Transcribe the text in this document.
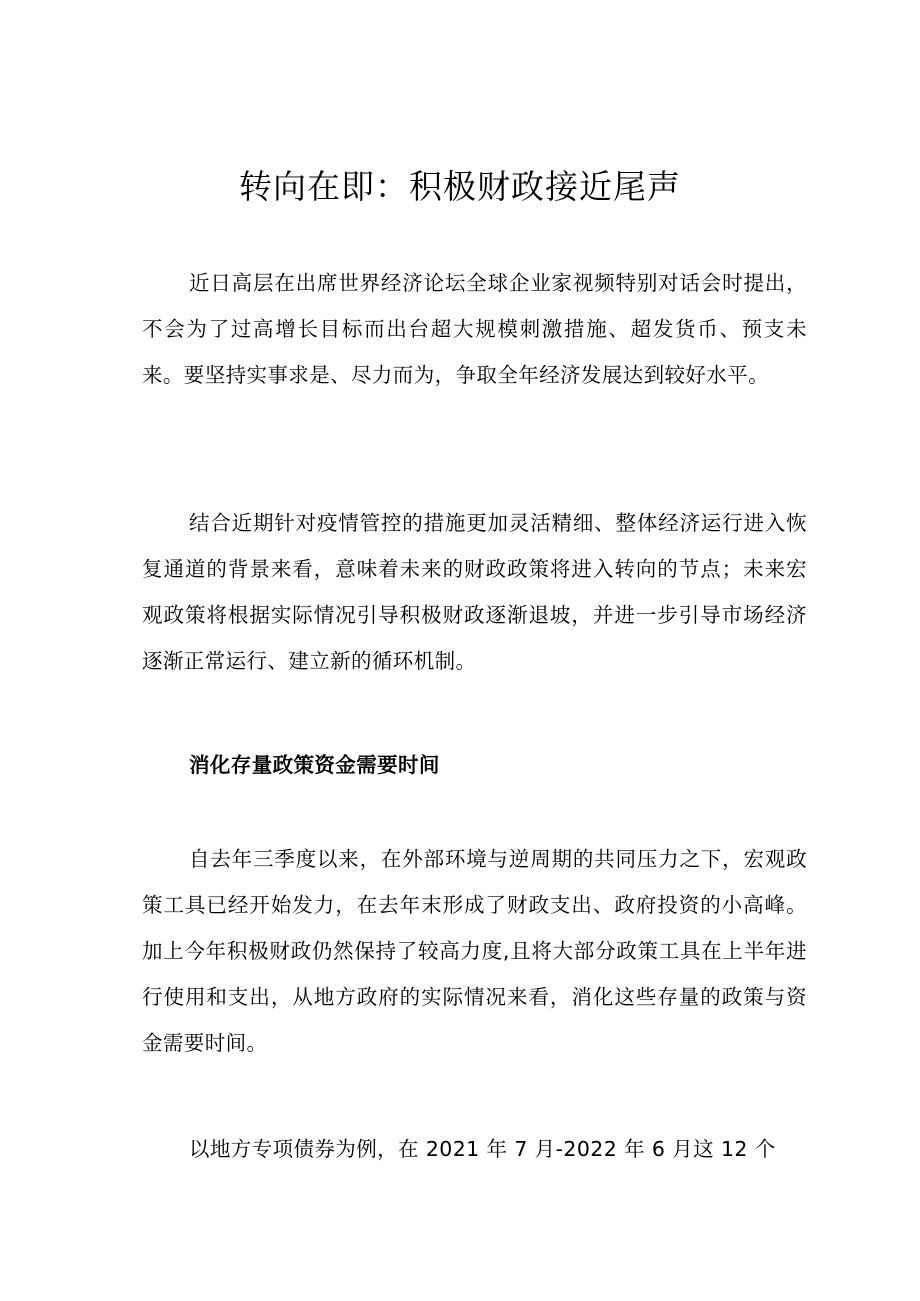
转向在即：积极财政接近尾声

近日高层在出席世界经济论坛全球企业家视频特别对话会时提出，不会为了过高增长目标而出台超大规模刺激措施、超发货币、预支未来。要坚持实事求是、尽力而为，争取全年经济发展达到较好水平。

结合近期针对疫情管控的措施更加灵活精细、整体经济运行进入恢复通道的背景来看，意味着未来的财政政策将进入转向的节点；未来宏观政策将根据实际情况引导积极财政逐渐退坡，并进一步引导市场经济逐渐正常运行、建立新的循环机制。

消化存量政策资金需要时间

自去年三季度以来，在外部环境与逆周期的共同压力之下，宏观政策工具已经开始发力，在去年末形成了财政支出、政府投资的小高峰。加上今年积极财政仍然保持了较高力度,且将大部分政策工具在上半年进行使用和支出，从地方政府的实际情况来看，消化这些存量的政策与资金需要时间。

以地方专项债券为例，在 2021 年 7 月-2022 年 6 月这 12 个
